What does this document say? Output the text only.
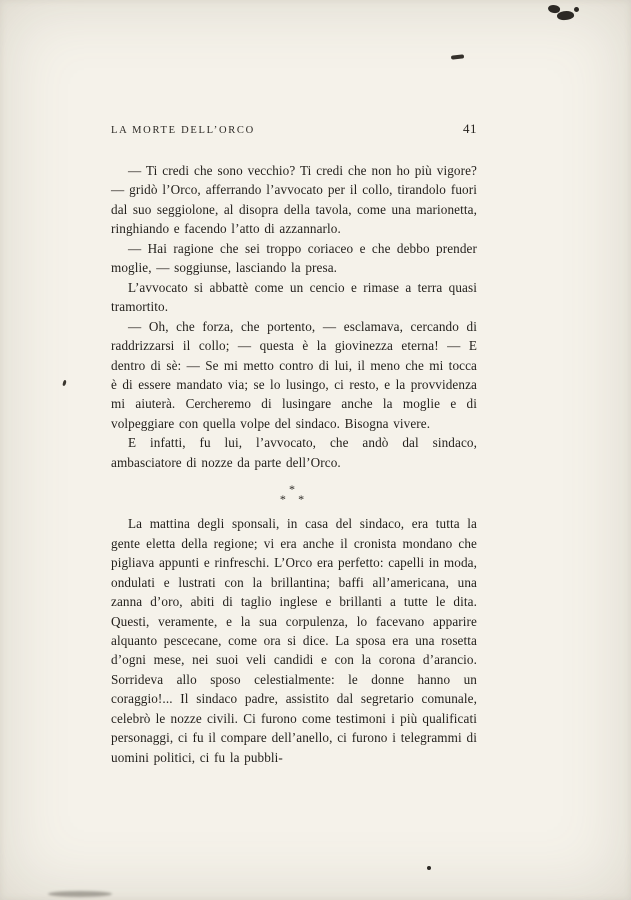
LA MORTE DELL’ORCO	41

— Ti credi che sono vecchio? Ti credi che non ho più vigore? — gridò l’Orco, afferrando l’avvocato per il collo, tirandolo fuori dal suo seggiolone, al disopra della tavola, come una marionetta, ringhiando e facendo l’atto di azzannarlo.

— Hai ragione che sei troppo coriaceo e che debbo prender moglie, — soggiunse, lasciando la presa.

L’avvocato si abbattè come un cencio e rimase a terra quasi tramortito.

— Oh, che forza, che portento, — esclamava, cercando di raddrizzarsi il collo; — questa è la giovinezza eterna! — E dentro di sè: — Se mi metto contro di lui, il meno che mi tocca è di essere mandato via; se lo lusingo, ci resto, e la provvidenza mi aiuterà. Cercheremo di lusingare anche la moglie e di volpeggiare con quella volpe del sindaco. Bisogna vivere.

E infatti, fu lui, l’avvocato, che andò dal sindaco, ambasciatore di nozze da parte dell’Orco.

*
* *

La mattina degli sponsali, in casa del sindaco, era tutta la gente eletta della regione; vi era anche il cronista mondano che pigliava appunti e rinfreschi. L’Orco era perfetto: capelli in moda, ondulati e lustrati con la brillantina; baffi all’americana, una zanna d’oro, abiti di taglio inglese e brillanti a tutte le dita. Questi, veramente, e la sua corpulenza, lo facevano apparire alquanto pescecane, come ora si dice. La sposa era una rosetta d’ogni mese, nei suoi veli candidi e con la corona d’arancio. Sorrideva allo sposo celestialmente: le donne hanno un coraggio!... Il sindaco padre, assistito dal segretario comunale, celebrò le nozze civili. Ci furono come testimoni i più qualificati personaggi, ci fu il compare dell’anello, ci furono i telegrammi di uomini politici, ci fu la pubbli-
